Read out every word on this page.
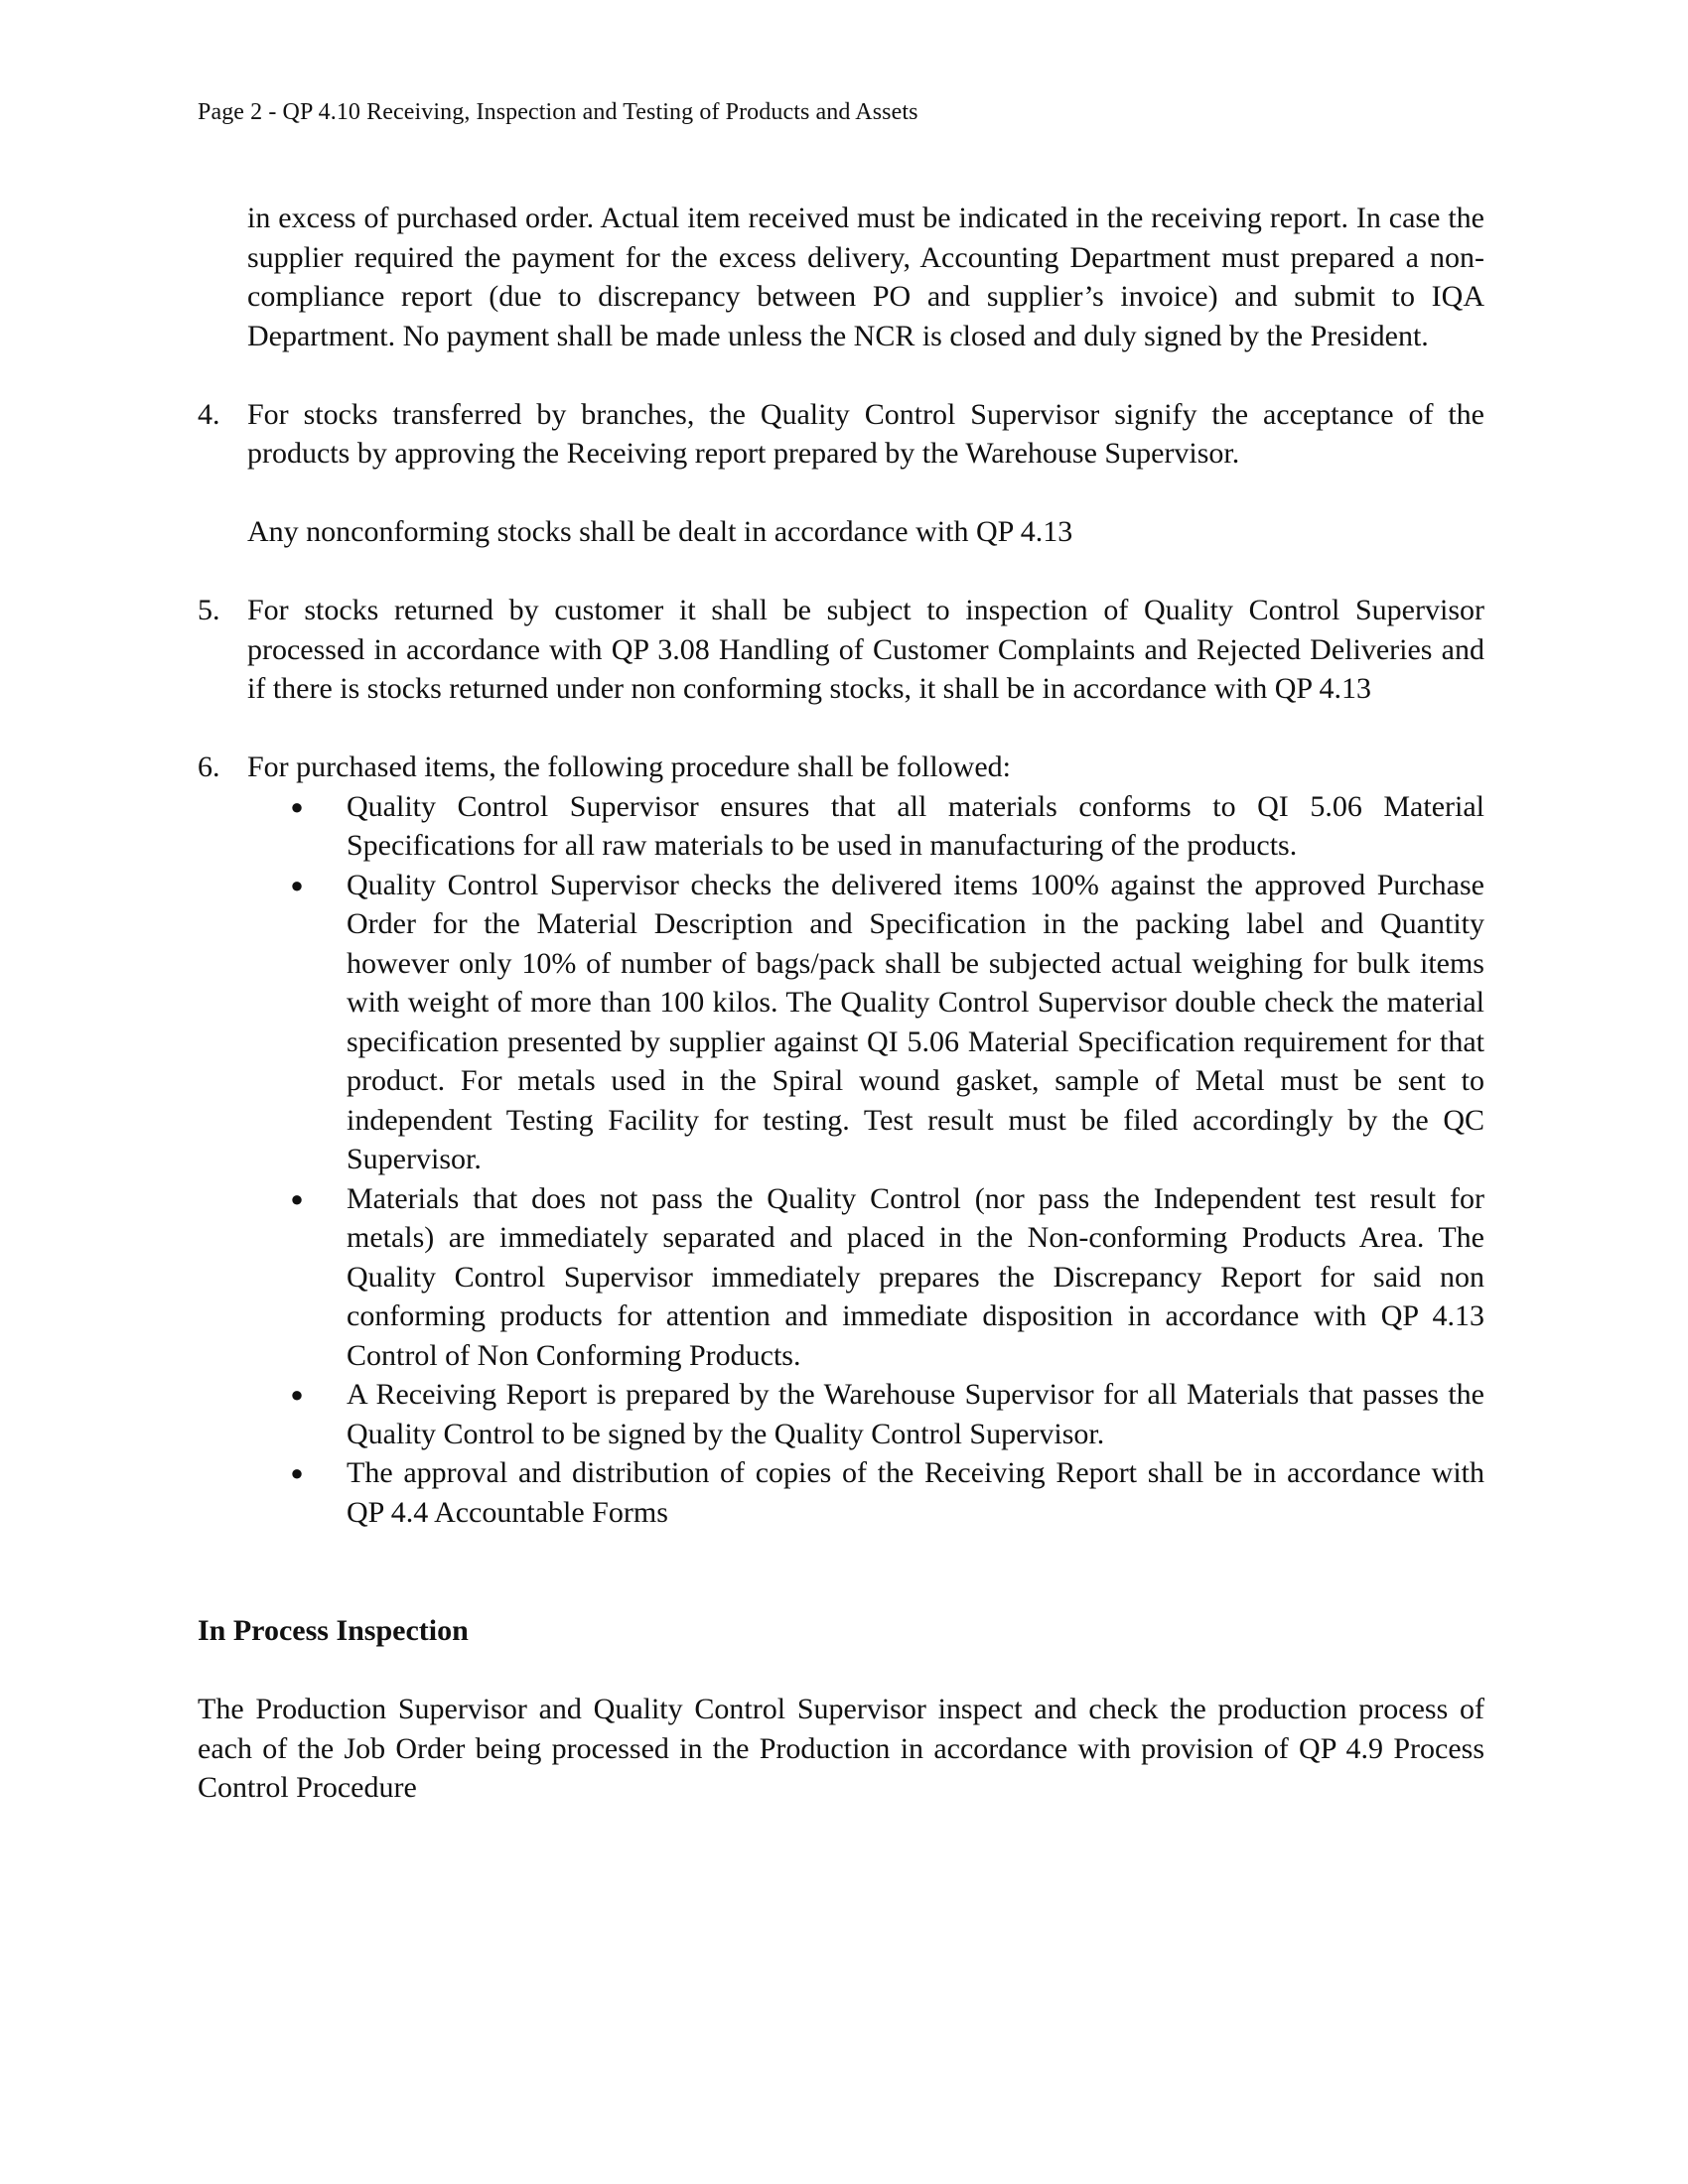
Page 2 - QP 4.10 Receiving, Inspection and Testing of Products and Assets
in excess of purchased order. Actual item received must be indicated in the receiving report. In case the supplier required the payment for the excess delivery, Accounting Department must prepared a non-compliance report (due to discrepancy between PO and supplier’s invoice) and submit to IQA Department. No payment shall be made unless the NCR is closed and duly signed by the President.
4. For stocks transferred by branches, the Quality Control Supervisor signify the acceptance of the products by approving the Receiving report prepared by the Warehouse Supervisor.
Any nonconforming stocks shall be dealt in accordance with QP 4.13
5. For stocks returned by customer it shall be subject to inspection of Quality Control Supervisor processed in accordance with QP 3.08 Handling of Customer Complaints and Rejected Deliveries and if there is stocks returned under non conforming stocks, it shall be in accordance with QP 4.13
6. For purchased items, the following procedure shall be followed:
●	Quality Control Supervisor ensures that all materials conforms to QI 5.06 Material Specifications for all raw materials to be used in manufacturing of the products.
●	Quality Control Supervisor checks the delivered items 100% against the approved Purchase Order for the Material Description and Specification in the packing label and Quantity however only 10% of number of bags/pack shall be subjected actual weighing for bulk items with weight of more than 100 kilos. The Quality Control Supervisor double check the material specification presented by supplier against QI 5.06 Material Specification requirement for that product. For metals used in the Spiral wound gasket, sample of Metal must be sent to independent Testing Facility for testing. Test result must be filed accordingly by the QC Supervisor.
●	Materials that does not pass the Quality Control (nor pass the Independent test result for metals) are immediately separated and placed in the Non-conforming Products Area. The Quality Control Supervisor immediately prepares the Discrepancy Report for said non conforming products for attention and immediate disposition in accordance with QP 4.13 Control of Non Conforming Products.
●	A Receiving Report is prepared by the Warehouse Supervisor for all Materials that passes the Quality Control to be signed by the Quality Control Supervisor.
●	The approval and distribution of copies of the Receiving Report shall be in accordance with QP 4.4 Accountable Forms
In Process Inspection
The Production Supervisor and Quality Control Supervisor inspect and check the production process of each of the Job Order being processed in the Production in accordance with provision of QP 4.9 Process Control Procedure
